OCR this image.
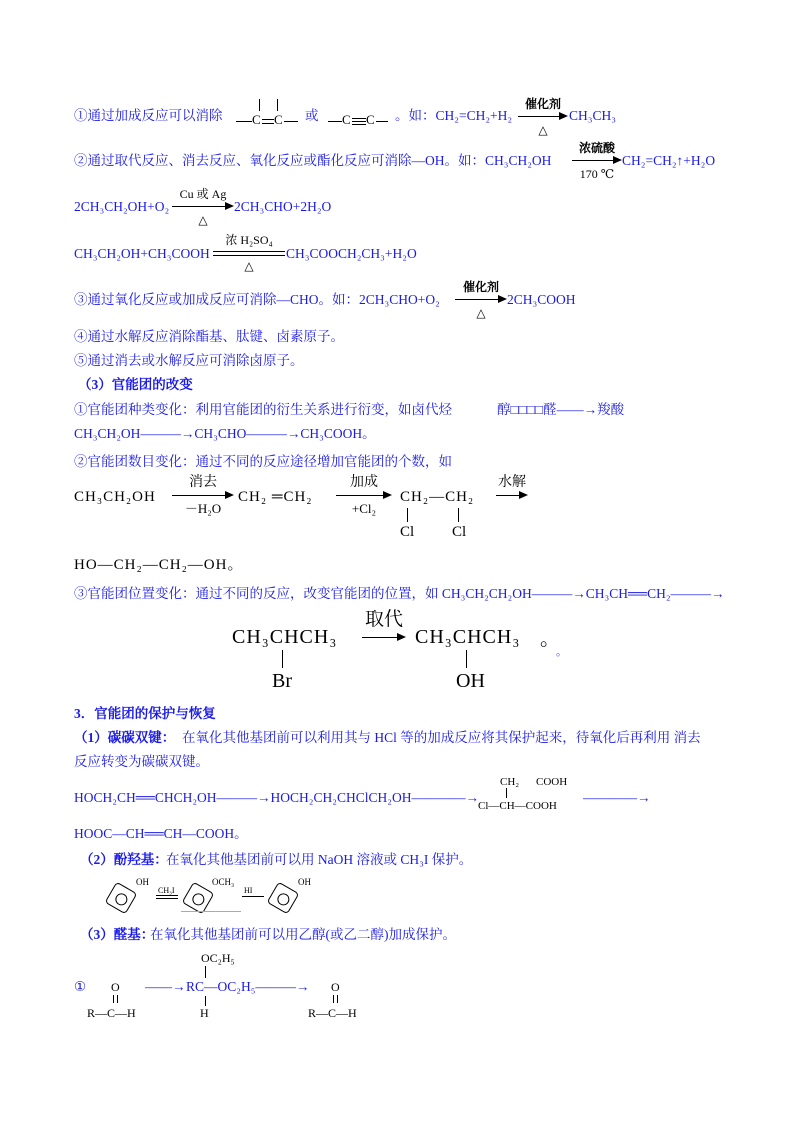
①通过加成反应可以消除 C C 或 C C 。如：CH₂=CH₂+H₂
催化剂
△
CH₃CH₃
②通过取代反应、消去反应、氧化反应或酯化反应可消除—OH。如：CH₃CH₂OH
浓硫酸
170 ℃
CH₂=CH₂↑+H₂O
2CH₃CH₂OH+O₂
Cu 或 Ag
△
2CH₃CHO+2H₂O
CH₃CH₂OH+CH₃COOH
浓 H₂SO₄
△
CH₃COOCH₂CH₃+H₂O
③通过氧化反应或加成反应可消除—CHO。如：2CH₃CHO+O₂
催化剂
△
2CH₃COOH
④通过水解反应消除酯基、肽键、卤素原子。
⑤通过消去或水解反应可消除卤原子。
（3）官能团的改变
①官能团种类变化：利用官能团的衍生关系进行衍变，如卤代烃	醇□□□□醛——→羧酸
CH₃CH₂OH———→CH₃CHO———→CH₃COOH。
②官能团数目变化：通过不同的反应途径增加官能团的个数，如
CH₃CH₂OH
消去
－H₂O
CH₂ ═CH₂
加成
+Cl₂
CH₂—CH₂
Cl	Cl
水解
HO—CH₂—CH₂—OH。
③官能团位置变化：通过不同的反应，改变官能团的位置，如 CH₃CH₂CH₂OH———→CH₃CH══CH₂———→
CH₃CHCH₃
Br
取代
CH₃CHCH₃
OH
。
。
3．官能团的保护与恢复
（1）碳碳双键： 在氧化其他基团前可以利用其与 HCl 等的加成反应将其保护起来，待氧化后再利用 消去
反应转变为碳碳双键。
HOCH₂CH══CHCH₂OH———→HOCH₂CH₂CHClCH₂OH————→
CH₂ COOH
Cl—CH—COOH
————→
HOOC—CH══CH—COOH。
（2）酚羟基：
在氧化其他基团前可以用 NaOH 溶液或 CH₃I 保护。
OH
CH₃I
OCH₃
HI
OH
（3）醛基：
在氧化其他基团前可以用乙醇(或乙二醇)加成保护。
① O
R—C—H
——→
OC₂H₅
RC—OC₂H₅———→
H
O
R—C—H
